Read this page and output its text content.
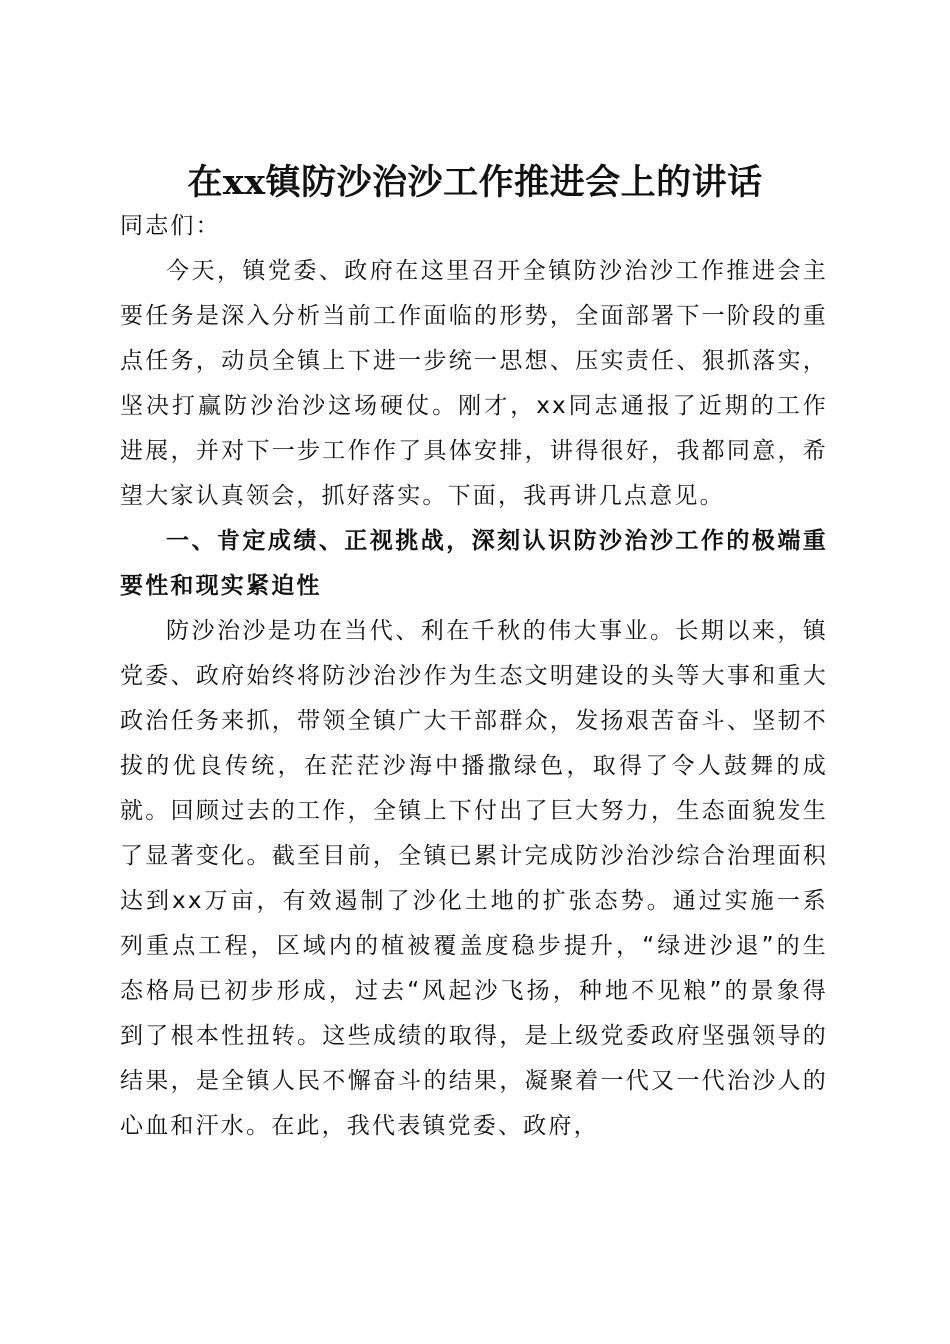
在xx镇防沙治沙工作推进会上的讲话

同志们：

今天，镇党委、政府在这里召开全镇防沙治沙工作推进会主要任务是深入分析当前工作面临的形势，全面部署下一阶段的重点任务，动员全镇上下进一步统一思想、压实责任、狠抓落实，坚决打赢防沙治沙这场硬仗。刚才，xx同志通报了近期的工作进展，并对下一步工作作了具体安排，讲得很好，我都同意，希望大家认真领会，抓好落实。下面，我再讲几点意见。

一、肯定成绩、正视挑战，深刻认识防沙治沙工作的极端重要性和现实紧迫性

防沙治沙是功在当代、利在千秋的伟大事业。长期以来，镇党委、政府始终将防沙治沙作为生态文明建设的头等大事和重大政治任务来抓，带领全镇广大干部群众，发扬艰苦奋斗、坚韧不拔的优良传统，在茫茫沙海中播撒绿色，取得了令人鼓舞的成就。回顾过去的工作，全镇上下付出了巨大努力，生态面貌发生了显著变化。截至目前，全镇已累计完成防沙治沙综合治理面积达到xx万亩，有效遏制了沙化土地的扩张态势。通过实施一系列重点工程，区域内的植被覆盖度稳步提升，“绿进沙退”的生态格局已初步形成，过去“风起沙飞扬，种地不见粮”的景象得到了根本性扭转。这些成绩的取得，是上级党委政府坚强领导的结果，是全镇人民不懈奋斗的结果，凝聚着一代又一代治沙人的心血和汗水。在此，我代表镇党委、政府，
